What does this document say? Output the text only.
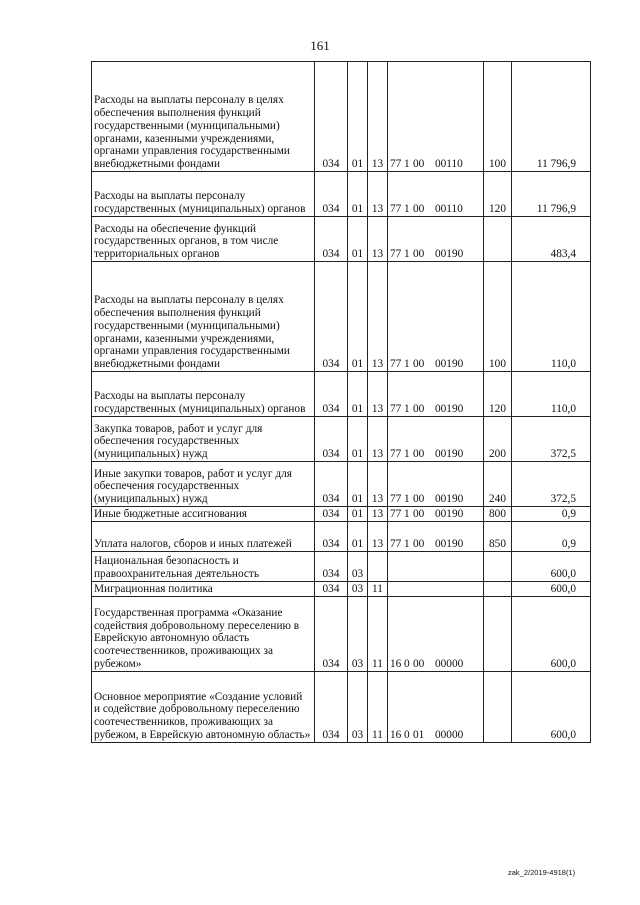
161
Расходы на выплаты персоналу в целях обеспечения выполнения функций государственными (муниципальными) органами, казенными учреждениями, органами управления государственными внебюджетными фондами	034	01	13	77 1 00 00110	100	11 796,9
Расходы на выплаты персоналу государственных (муниципальных) органов	034	01	13	77 1 00 00110	120	11 796,9
Расходы на обеспечение функций государственных органов, в том числе территориальных органов	034	01	13	77 1 00 00190		483,4
Расходы на выплаты персоналу в целях обеспечения выполнения функций государственными (муниципальными) органами, казенными учреждениями, органами управления государственными внебюджетными фондами	034	01	13	77 1 00 00190	100	110,0
Расходы на выплаты персоналу государственных (муниципальных) органов	034	01	13	77 1 00 00190	120	110,0
Закупка товаров, работ и услуг для обеспечения государственных (муниципальных) нужд	034	01	13	77 1 00 00190	200	372,5
Иные закупки товаров, работ и услуг для обеспечения государственных (муниципальных) нужд	034	01	13	77 1 00 00190	240	372,5
Иные бюджетные ассигнования	034	01	13	77 1 00 00190	800	0,9
Уплата налогов, сборов и иных платежей	034	01	13	77 1 00 00190	850	0,9
Национальная безопасность и правоохранительная деятельность	034	03				600,0
Миграционная политика	034	03	11			600,0
Государственная программа «Оказание содействия добровольному переселению в Еврейскую автономную область соотечественников, проживающих за рубежом»	034	03	11	16 0 00 00000		600,0
Основное мероприятие «Создание условий и содействие добровольному переселению соотечественников, проживающих за рубежом, в Еврейскую автономную область»	034	03	11	16 0 01 00000		600,0
zak_2/2019-4918(1)
